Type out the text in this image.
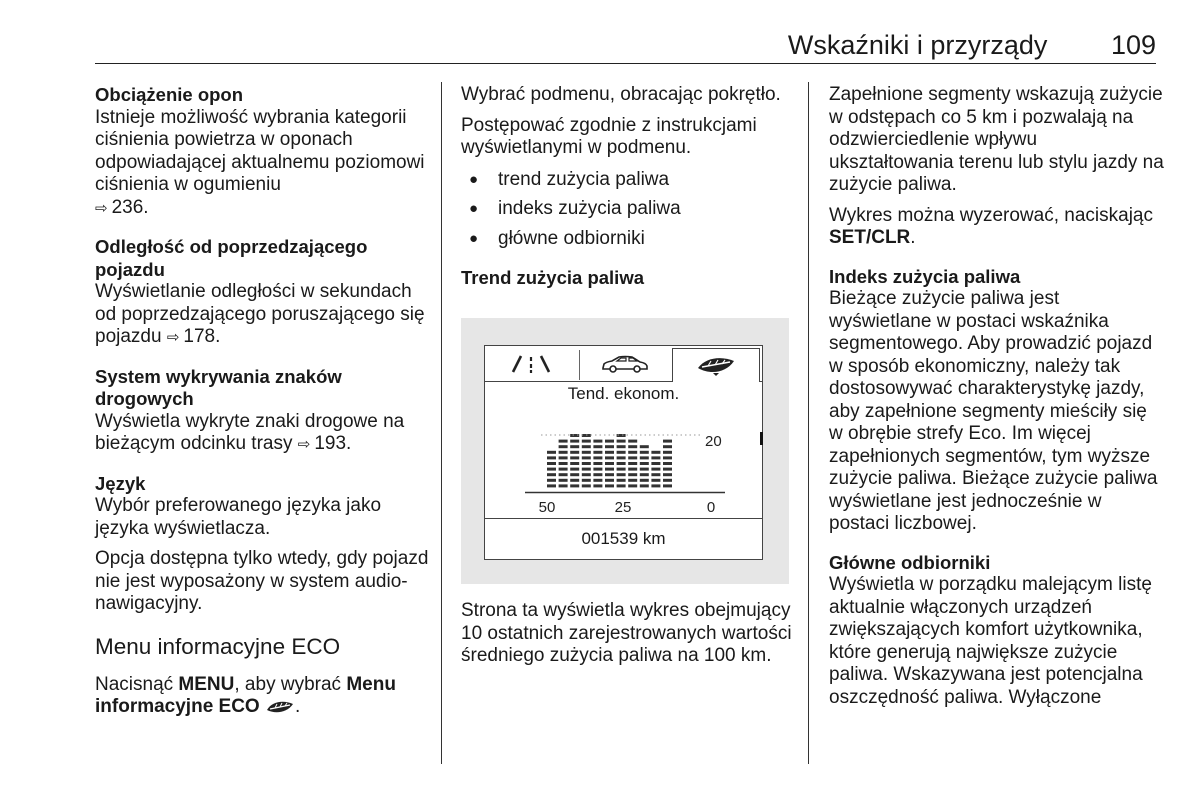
Wskaźniki i przyrządy 109

Obciążenie opon

Istnieje możliwość wybrania kategorii ciśnienia powietrza w oponach odpowiadającej aktualnemu poziomowi ciśnienia w ogumieniu
⇨ 236.

Odległość od poprzedzającego pojazdu

Wyświetlanie odległości w sekundach od poprzedzającego poruszającego się pojazdu ⇨ 178.

System wykrywania znaków drogowych

Wyświetla wykryte znaki drogowe na bieżącym odcinku trasy ⇨ 193.

Język

Wybór preferowanego języka jako języka wyświetlacza.

Opcja dostępna tylko wtedy, gdy pojazd nie jest wyposażony w system audio-nawigacyjny.

Menu informacyjne ECO

Nacisnąć MENU, aby wybrać Menu informacyjne ECO .

Wybrać podmenu, obracając pokrętło.

Postępować zgodnie z instrukcjami wyświetlanymi w podmenu.

● trend zużycia paliwa
● indeks zużycia paliwa
● główne odbiorniki

Trend zużycia paliwa

Tend. ekonom.
20
50	25	0
001539 km

Strona ta wyświetla wykres obejmujący 10 ostatnich zarejestrowanych wartości średniego zużycia paliwa na 100 km.

Zapełnione segmenty wskazują zużycie w odstępach co 5 km i pozwalają na odzwierciedlenie wpływu ukształtowania terenu lub stylu jazdy na zużycie paliwa.

Wykres można wyzerować, naciskając SET/CLR.

Indeks zużycia paliwa

Bieżące zużycie paliwa jest wyświetlane w postaci wskaźnika segmentowego. Aby prowadzić pojazd w sposób ekonomiczny, należy tak dostosowywać charakterystykę jazdy, aby zapełnione segmenty mieściły się w obrębie strefy Eco. Im więcej zapełnionych segmentów, tym wyższe zużycie paliwa. Bieżące zużycie paliwa wyświetlane jest jednocześnie w postaci liczbowej.

Główne odbiorniki

Wyświetla w porządku malejącym listę aktualnie włączonych urządzeń zwiększających komfort użytkownika, które generują największe zużycie paliwa. Wskazywana jest potencjalna oszczędność paliwa. Wyłączone
